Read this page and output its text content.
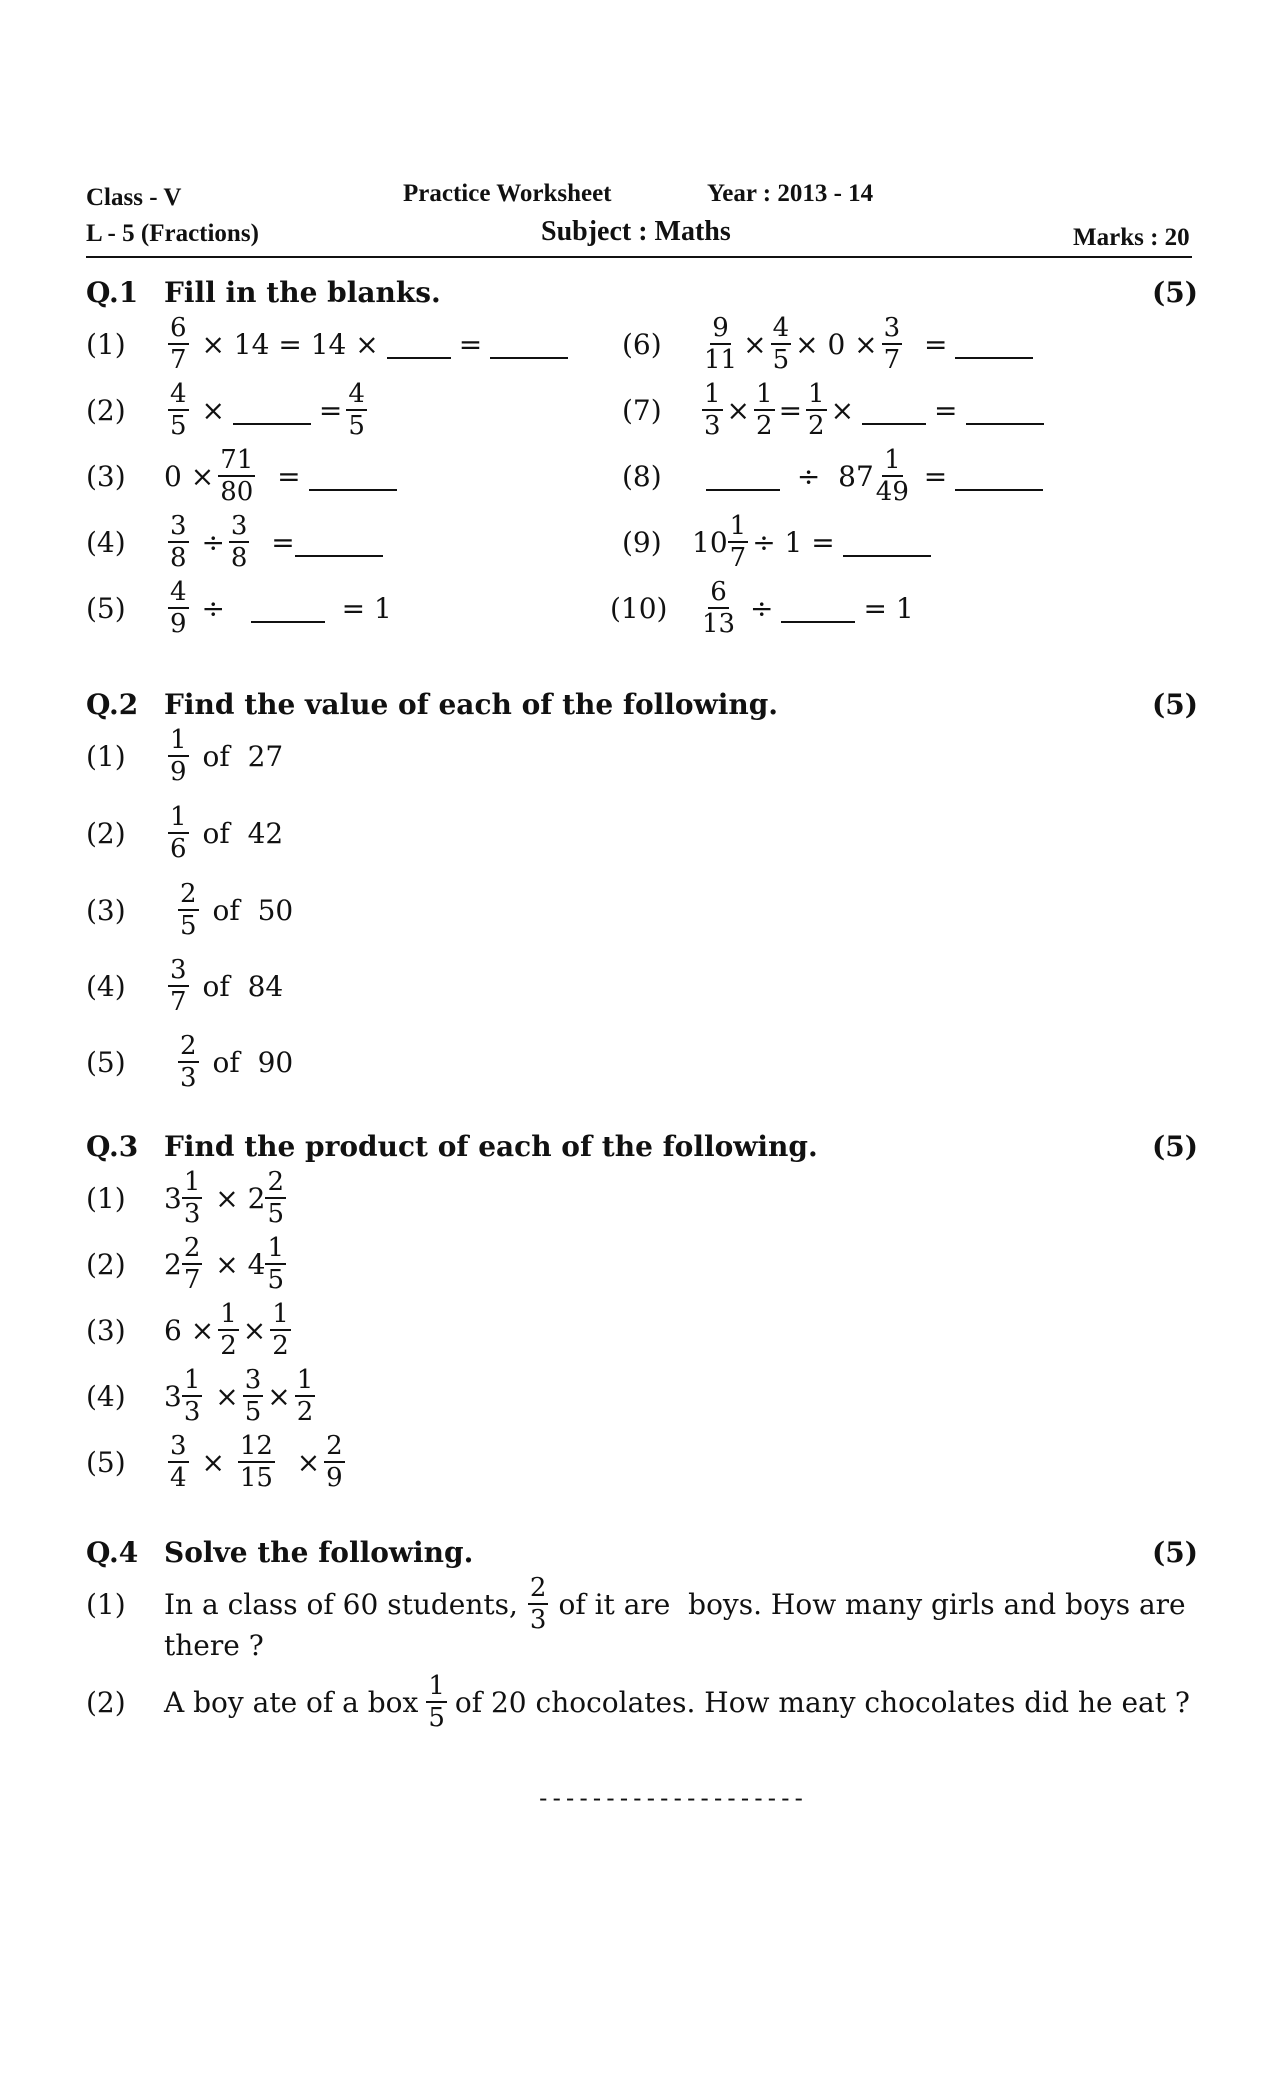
Class - V	Practice Worksheet	Year : 2013 - 14
L - 5 (Fractions)	Subject : Maths	Marks : 20
Q.1 Fill in the blanks.	(5)
(1)	$\frac{6}{7} \times 14 = 14$ ×	=	(6)	$\frac{9}{11} \times \frac{4}{5} \times 0 \times \frac{3}{7}$ =
(2)	$\frac{4}{5}$ ×	= $\frac{4}{5}$	(7)	$\frac{1}{3} \times \frac{1}{2} = \frac{1}{2}$ ×	=
(3)	$0 \times \frac{71}{80}$ =	(8)	÷  $87 \frac{1}{49}$ =
(4)	$\frac{3}{8} \div \frac{3}{8}$ =	(9)	$10 \frac{1}{7} \div 1$ =
(5)	$\frac{4}{9}$ ÷	= 1	(10)	$\frac{6}{13}$ ÷	= 1
Q.2 Find the value of each of the following.	(5)
(1)	$\frac{1}{9}$ of  27
(2)	$\frac{1}{6}$ of  42
(3)	$\frac{2}{5}$ of  50
(4)	$\frac{3}{7}$ of  84
(5)	$\frac{2}{3}$ of  90
Q.3 Find the product of each of the following.	(5)
(1)	$3 \frac{1}{3} \times 2 \frac{2}{5}$
(2)	$2 \frac{2}{7} \times 4 \frac{1}{5}$
(3)	$6 \times \frac{1}{2} \times \frac{1}{2}$
(4)	$3 \frac{1}{3} \times \frac{3}{5} \times \frac{1}{2}$
(5)	$\frac{3}{4} \times \frac{12}{15} \times \frac{2}{9}$
Q.4 Solve the following.	(5)
(1)	In a class of 60 students, $\frac{2}{3}$ of it are  boys. How many girls and boys are
there ?
(2)	A boy ate of a box $\frac{1}{5}$ of 20 chocolates. How many chocolates did he eat ?
--------------------
